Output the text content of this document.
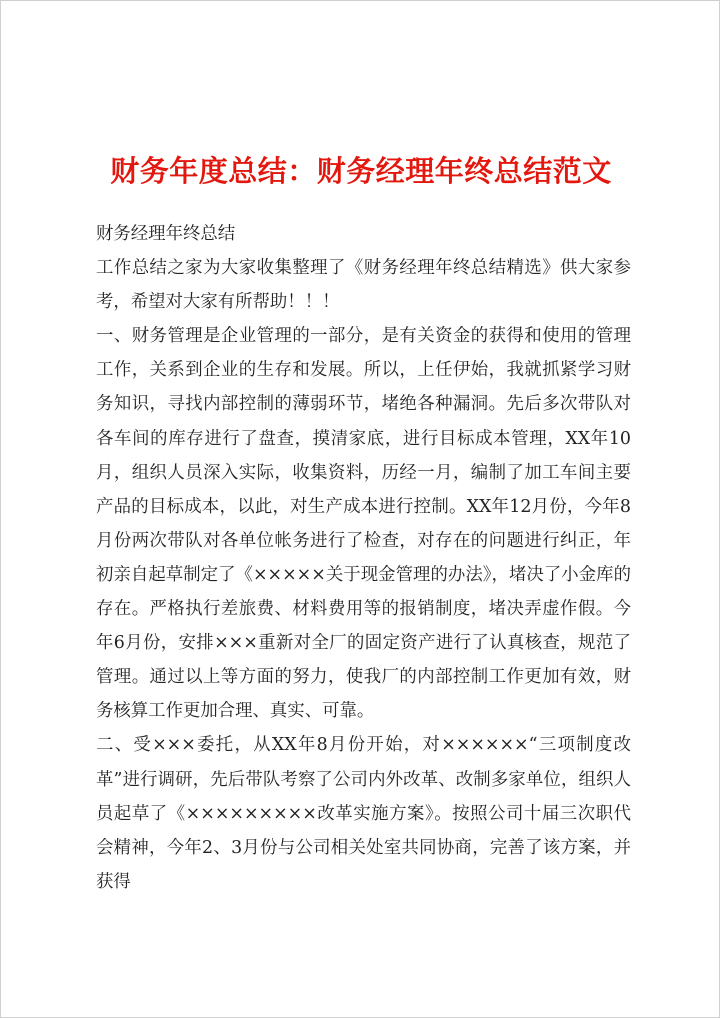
财务年度总结：财务经理年终总结范文

财务经理年终总结

工作总结之家为大家收集整理了《财务经理年终总结精选》供大家参考，希望对大家有所帮助！！！

一、财务管理是企业管理的一部分，是有关资金的获得和使用的管理工作，关系到企业的生存和发展。所以，上任伊始，我就抓紧学习财务知识，寻找内部控制的薄弱环节，堵绝各种漏洞。先后多次带队对各车间的库存进行了盘查，摸清家底，进行目标成本管理，XX年10月，组织人员深入实际，收集资料，历经一月，编制了加工车间主要产品的目标成本，以此，对生产成本进行控制。XX年12月份，今年8月份两次带队对各单位帐务进行了检查，对存在的问题进行纠正，年初亲自起草制定了《×××××关于现金管理的办法》，堵决了小金库的存在。严格执行差旅费、材料费用等的报销制度，堵决弄虚作假。今年6月份，安排×××重新对全厂的固定资产进行了认真核查，规范了管理。通过以上等方面的努力，使我厂的内部控制工作更加有效，财务核算工作更加合理、真实、可靠。

二、受×××委托，从XX年8月份开始，对××××××“三项制度改革”进行调研，先后带队考察了公司内外改革、改制多家单位，组织人员起草了《×××××××××改革实施方案》。按照公司十届三次职代会精神，今年2、3月份与公司相关处室共同协商，完善了该方案，并获得
